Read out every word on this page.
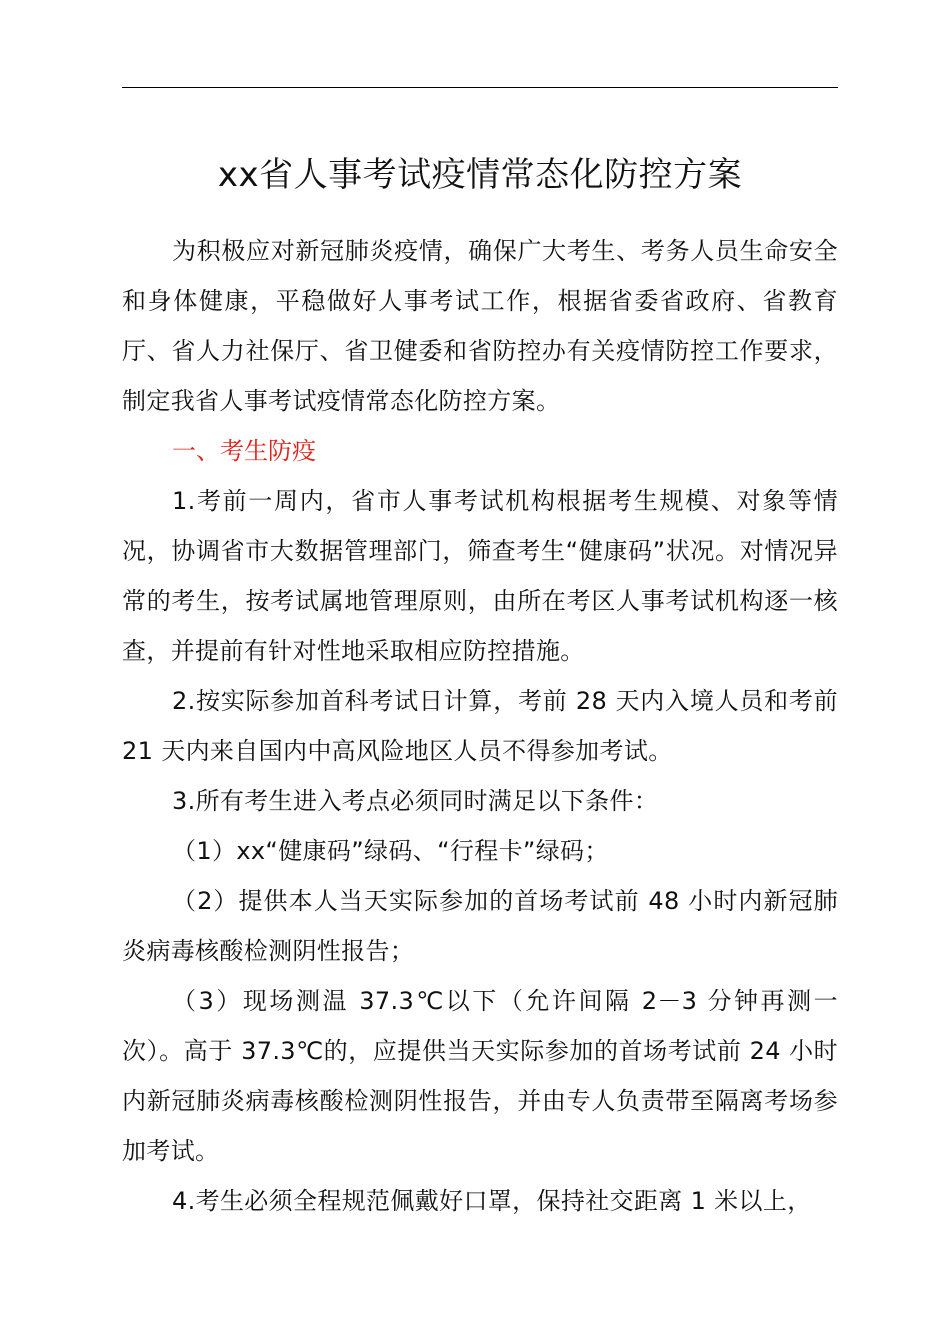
xx省人事考试疫情常态化防控方案

为积极应对新冠肺炎疫情，确保广大考生、考务人员生命安全和身体健康，平稳做好人事考试工作，根据省委省政府、省教育厅、省人力社保厅、省卫健委和省防控办有关疫情防控工作要求，制定我省人事考试疫情常态化防控方案。

一、考生防疫

1.考前一周内，省市人事考试机构根据考生规模、对象等情况，协调省市大数据管理部门，筛查考生“健康码”状况。对情况异常的考生，按考试属地管理原则，由所在考区人事考试机构逐一核查，并提前有针对性地采取相应防控措施。

2.按实际参加首科考试日计算，考前 28 天内入境人员和考前 21 天内来自国内中高风险地区人员不得参加考试。

3.所有考生进入考点必须同时满足以下条件：

（1）xx“健康码”绿码、“行程卡”绿码；

（2）提供本人当天实际参加的首场考试前 48 小时内新冠肺炎病毒核酸检测阴性报告；

（3）现场测温 37.3℃以下（允许间隔 2－3 分钟再测一次）。高于 37.3℃的，应提供当天实际参加的首场考试前 24 小时内新冠肺炎病毒核酸检测阴性报告，并由专人负责带至隔离考场参加考试。

4.考生必须全程规范佩戴好口罩，保持社交距离 1 米以上，
